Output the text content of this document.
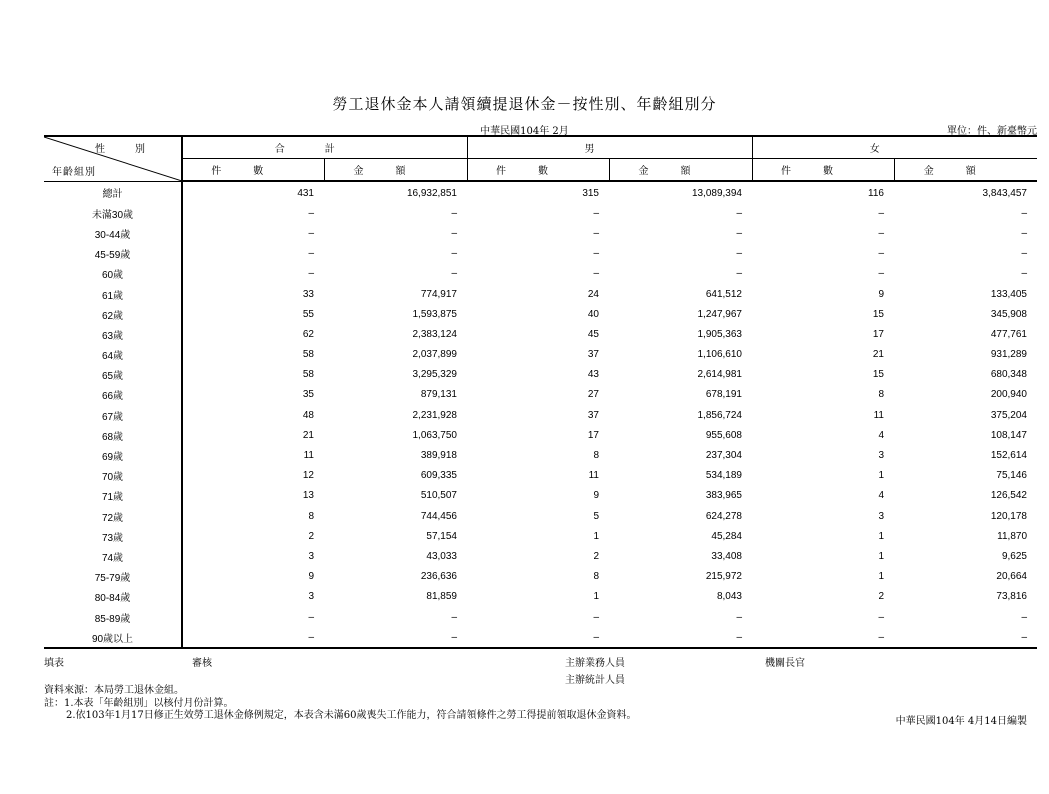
勞工退休金本人請領續提退休金－按性別、年齡組別分
中華民國104年 2月	單位：件、新臺幣元
性別
年齡組別	合計		男		女	
	件數	金額	件數	金額	件數	金額
總計	431	16,932,851	315	13,089,394	116	3,843,457
未滿30歲	–	–	–	–	–	–
30-44歲	–	–	–	–	–	–
45-59歲	–	–	–	–	–	–
60歲	–	–	–	–	–	–
61歲	33	774,917	24	641,512	9	133,405
62歲	55	1,593,875	40	1,247,967	15	345,908
63歲	62	2,383,124	45	1,905,363	17	477,761
64歲	58	2,037,899	37	1,106,610	21	931,289
65歲	58	3,295,329	43	2,614,981	15	680,348
66歲	35	879,131	27	678,191	8	200,940
67歲	48	2,231,928	37	1,856,724	11	375,204
68歲	21	1,063,750	17	955,608	4	108,147
69歲	11	389,918	8	237,304	3	152,614
70歲	12	609,335	11	534,189	1	75,146
71歲	13	510,507	9	383,965	4	126,542
72歲	8	744,456	5	624,278	3	120,178
73歲	2	57,154	1	45,284	1	11,870
74歲	3	43,033	2	33,408	1	9,625
75-79歲	9	236,636	8	215,972	1	20,664
80-84歲	3	81,859	1	8,043	2	73,816
85-89歲	–	–	–	–	–	–
90歲以上	–	–	–	–	–	–
填表	審核	主辦業務人員
主辦統計人員
機關長官
資料來源：本局勞工退休金組。
註：1.本表「年齡組別」以核付月份計算。
2.依103年1月17日修正生效勞工退休金條例規定，本表含未滿60歲喪失工作能力，符合請領條件之勞工得提前領取退休金資料。
中華民國104年 4月14日編製
